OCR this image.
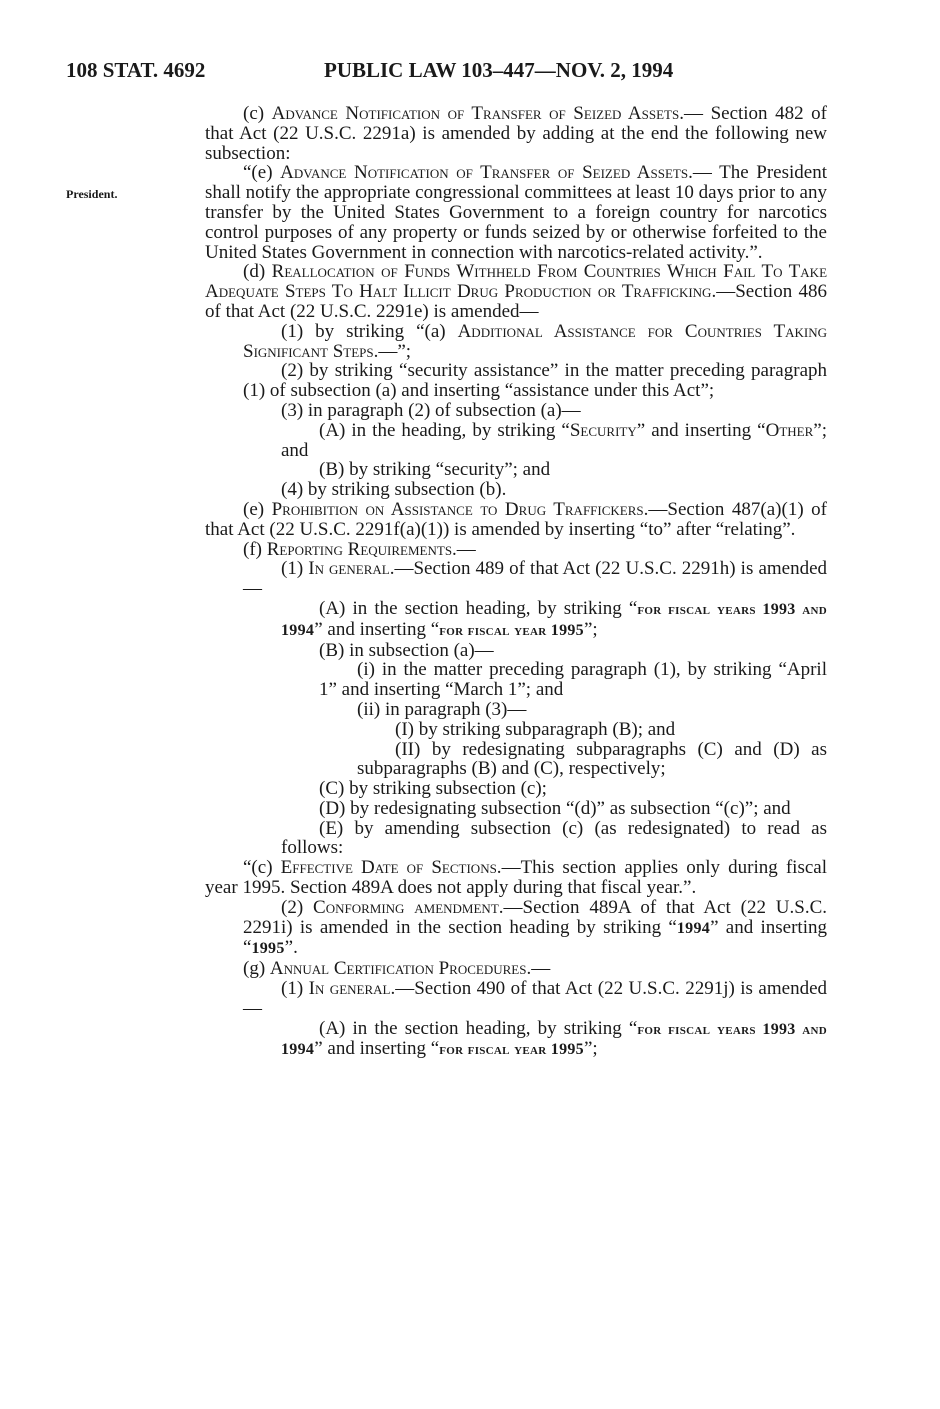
108 STAT. 4692	PUBLIC LAW 103–447—NOV. 2, 1994
President.

(c) Advance Notification of Transfer of Seized Assets.— Section 482 of that Act (22 U.S.C. 2291a) is amended by adding at the end the following new subsection:

“(e) Advance Notification of Transfer of Seized Assets.— The President shall notify the appropriate congressional committees at least 10 days prior to any transfer by the United States Government to a foreign country for narcotics control purposes of any property or funds seized by or otherwise forfeited to the United States Government in connection with narcotics-related activity.”.

(d) Reallocation of Funds Withheld From Countries Which Fail To Take Adequate Steps To Halt Illicit Drug Production or Trafficking.—Section 486 of that Act (22 U.S.C. 2291e) is amended—

(1) by striking “(a) Additional Assistance for Countries Taking Significant Steps.—”;

(2) by striking “security assistance” in the matter preceding paragraph (1) of subsection (a) and inserting “assistance under this Act”;

(3) in paragraph (2) of subsection (a)—

(A) in the heading, by striking “Security” and inserting “Other”; and

(B) by striking “security”; and

(4) by striking subsection (b).

(e) Prohibition on Assistance to Drug Traffickers.—Section 487(a)(1) of that Act (22 U.S.C. 2291f(a)(1)) is amended by inserting “to” after “relating”.

(f) Reporting Requirements.—

(1) In general.—Section 489 of that Act (22 U.S.C. 2291h) is amended—

(A) in the section heading, by striking “for fiscal years 1993 and 1994” and inserting “for fiscal year 1995”;

(B) in subsection (a)—

(i) in the matter preceding paragraph (1), by striking “April 1” and inserting “March 1”; and

(ii) in paragraph (3)—

(I) by striking subparagraph (B); and

(II) by redesignating subparagraphs (C) and (D) as subparagraphs (B) and (C), respectively;

(C) by striking subsection (c);

(D) by redesignating subsection “(d)” as subsection “(c)”; and

(E) by amending subsection (c) (as redesignated) to read as follows:

“(c) Effective Date of Sections.—This section applies only during fiscal year 1995. Section 489A does not apply during that fiscal year.”.

(2) Conforming amendment.—Section 489A of that Act (22 U.S.C. 2291i) is amended in the section heading by striking “1994” and inserting “1995”.

(g) Annual Certification Procedures.—

(1) In general.—Section 490 of that Act (22 U.S.C. 2291j) is amended—

(A) in the section heading, by striking “for fiscal years 1993 and 1994” and inserting “for fiscal year 1995”;
